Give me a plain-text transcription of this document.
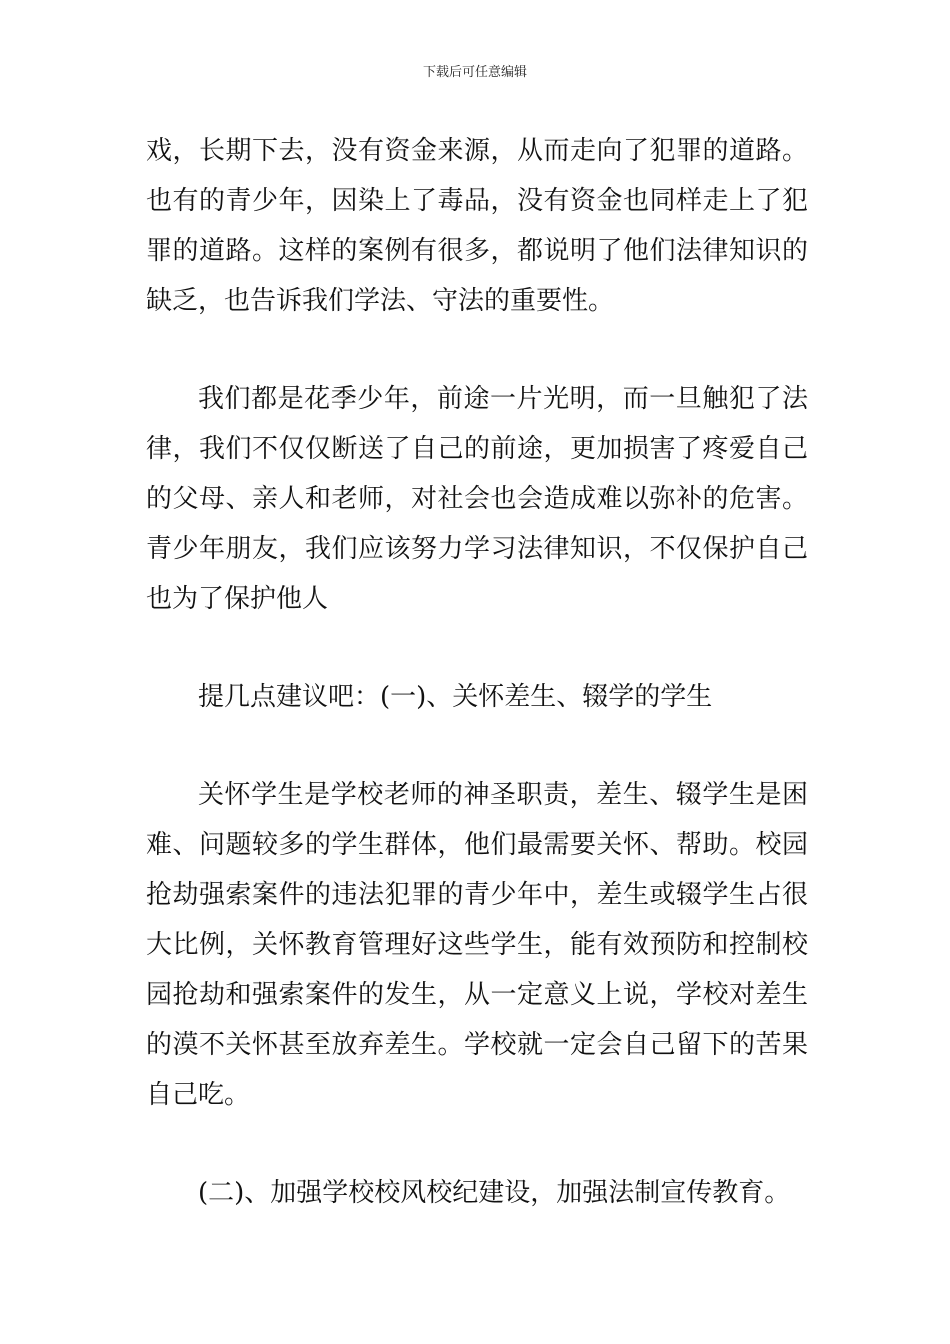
下载后可任意编辑

戏，长期下去，没有资金来源，从而走向了犯罪的道路。也有的青少年，因染上了毒品，没有资金也同样走上了犯罪的道路。这样的案例有很多，都说明了他们法律知识的缺乏，也告诉我们学法、守法的重要性。

我们都是花季少年，前途一片光明，而一旦触犯了法律，我们不仅仅断送了自己的前途，更加损害了疼爱自己的父母、亲人和老师，对社会也会造成难以弥补的危害。青少年朋友，我们应该努力学习法律知识，不仅保护自己也为了保护他人

提几点建议吧：(一)、关怀差生、辍学的学生

关怀学生是学校老师的神圣职责，差生、辍学生是困难、问题较多的学生群体，他们最需要关怀、帮助。校园抢劫强索案件的违法犯罪的青少年中，差生或辍学生占很大比例，关怀教育管理好这些学生，能有效预防和控制校园抢劫和强索案件的发生，从一定意义上说，学校对差生的漠不关怀甚至放弃差生。学校就一定会自己留下的苦果自己吃。

(二)、加强学校校风校纪建设，加强法制宣传教育。
